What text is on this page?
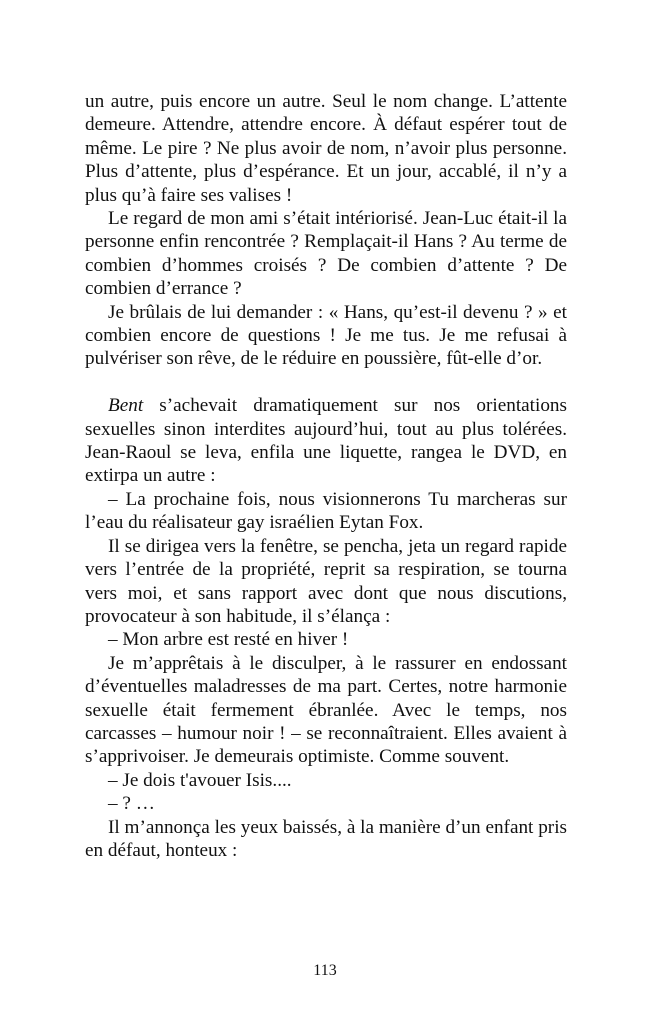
un autre, puis encore un autre. Seul le nom change. L’attente demeure. Attendre, attendre encore. À défaut espérer tout de même. Le pire ? Ne plus avoir de nom, n’avoir plus personne. Plus d’attente, plus d’espérance. Et un jour, accablé, il n’y a plus qu’à faire ses valises !

Le regard de mon ami s’était intériorisé. Jean-Luc était-il la personne enfin rencontrée ? Remplaçait-il Hans ? Au terme de combien d’hommes croisés ? De combien d’attente ? De combien d’errance ?

Je brûlais de lui demander : « Hans, qu’est-il devenu ? » et combien encore de questions ! Je me tus. Je me refusai à pulvériser son rêve, de le réduire en poussière, fût-elle d’or.

Bent s’achevait dramatiquement sur nos orientations sexuelles sinon interdites aujourd’hui, tout au plus tolérées. Jean-Raoul se leva, enfila une liquette, rangea le DVD, en extirpa un autre :

– La prochaine fois, nous visionnerons Tu marcheras sur l’eau du réalisateur gay israélien Eytan Fox.

Il se dirigea vers la fenêtre, se pencha, jeta un regard rapide vers l’entrée de la propriété, reprit sa respiration, se tourna vers moi, et sans rapport avec dont que nous discutions, provocateur à son habitude, il s’élança :

– Mon arbre est resté en hiver !

Je m’apprêtais à le disculper, à le rassurer en endossant d’éventuelles maladresses de ma part. Certes, notre harmonie sexuelle était fermement ébranlée. Avec le temps, nos carcasses – humour noir ! – se reconnaîtraient. Elles avaient à s’apprivoiser. Je demeurais optimiste. Comme souvent.

– Je dois t'avouer Isis....

– ? …

Il m’annonça les yeux baissés, à la manière d’un enfant pris en défaut, honteux :

113
